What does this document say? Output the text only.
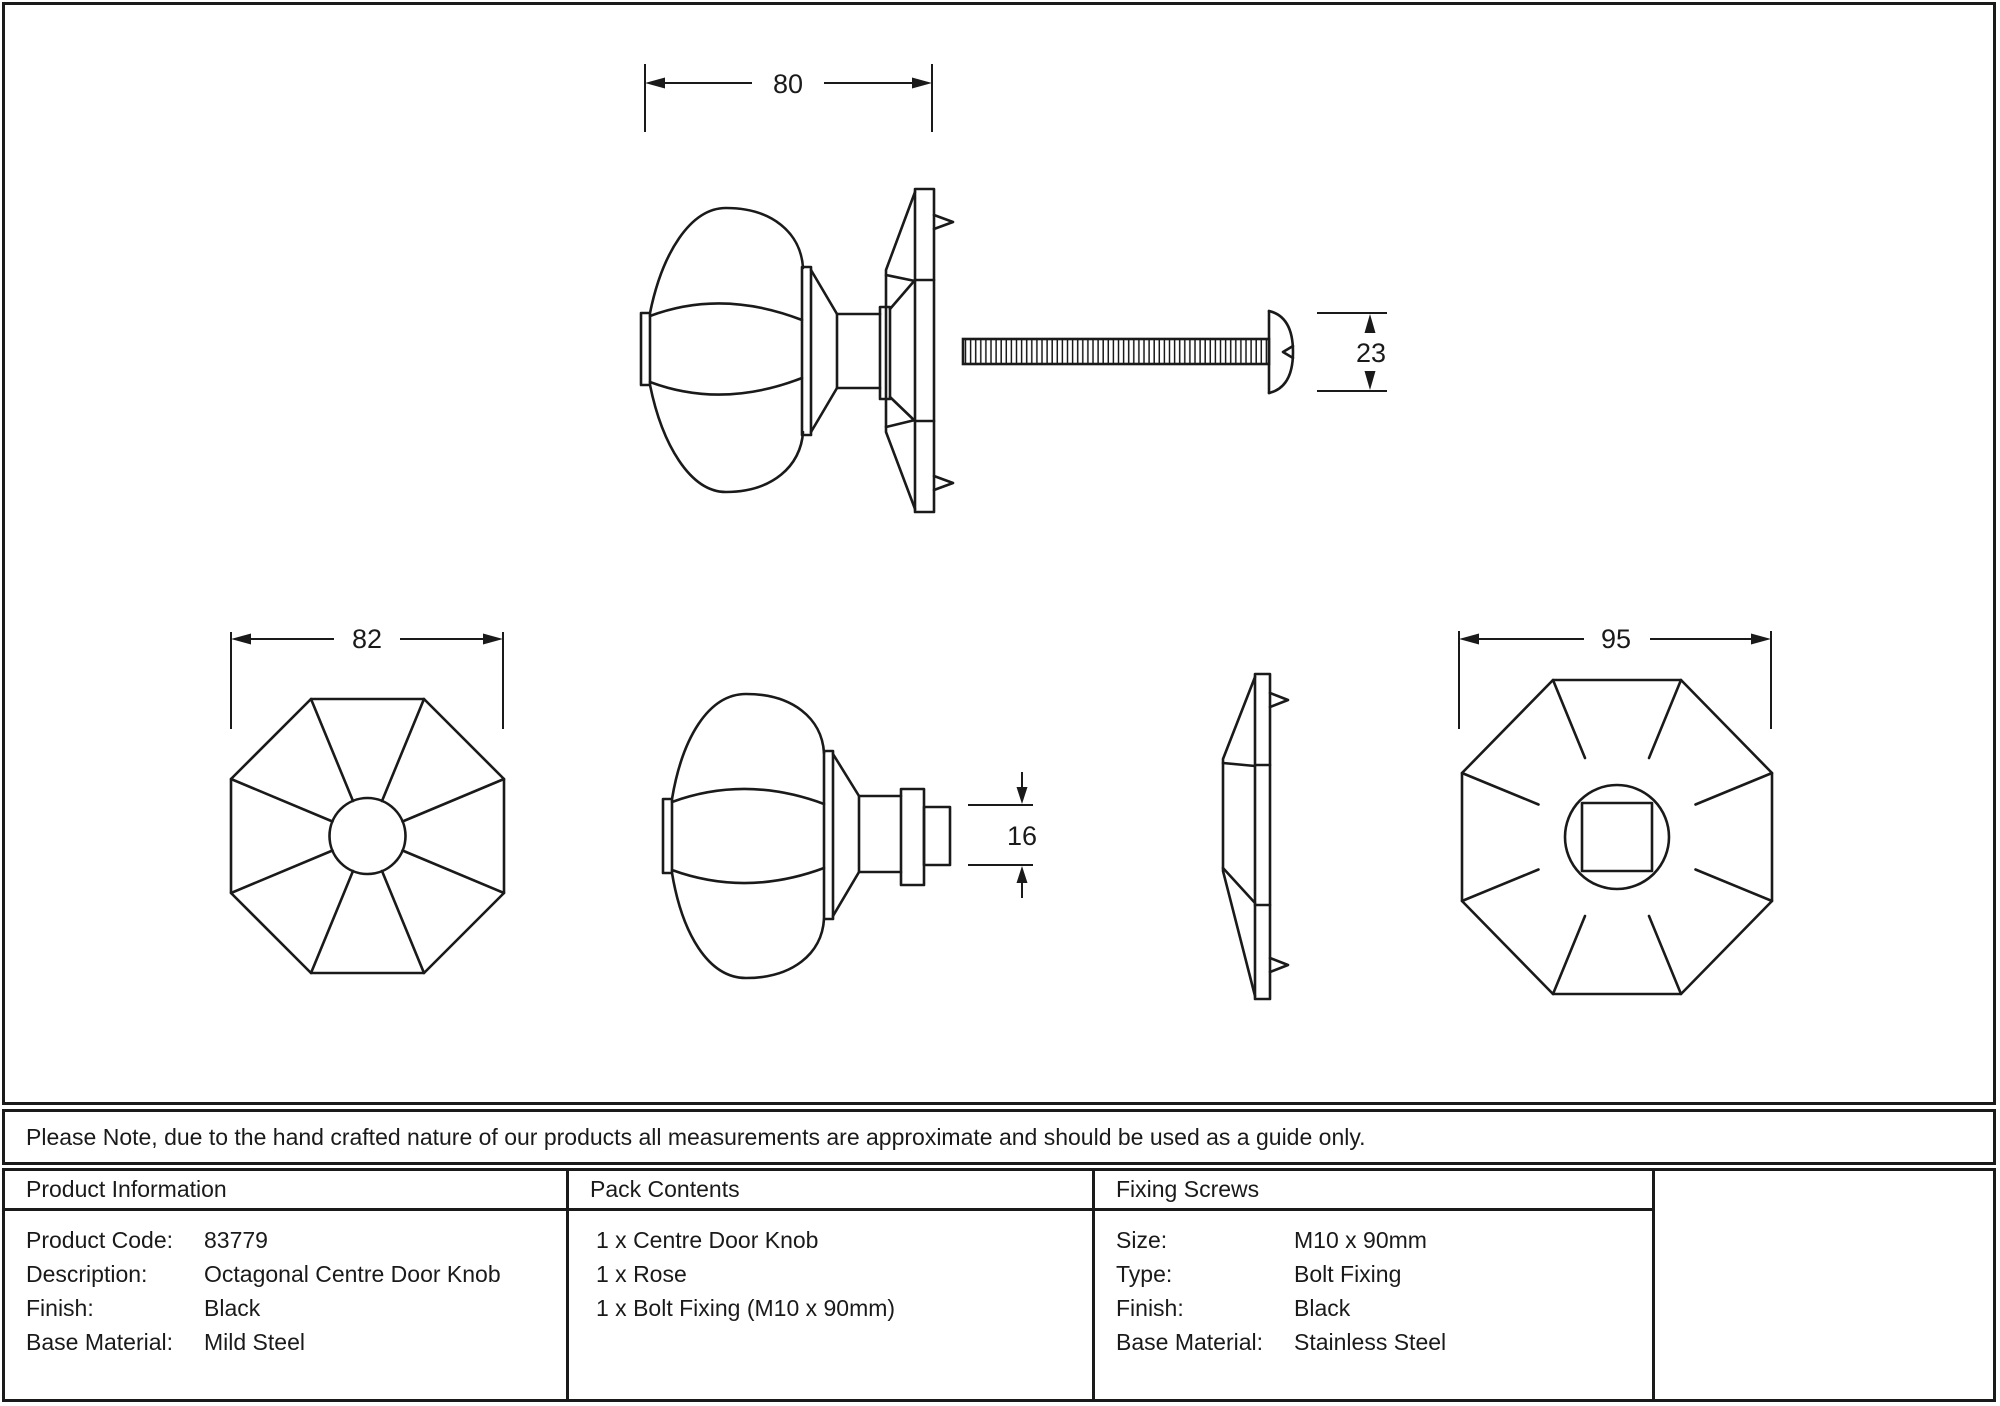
80
23
82
16
95
Please Note, due to the hand crafted nature of our products all measurements are approximate and should be used as a guide only.
Product Information
Product Code:	83779
Description:	Octagonal Centre Door Knob
Finish:	Black
Base Material:	Mild Steel
Pack Contents
1 x Centre Door Knob
1 x Rose
1 x Bolt Fixing (M10 x 90mm)
Fixing Screws
Size:	M10 x 90mm
Type:	Bolt Fixing
Finish:	Black
Base Material:	Stainless Steel
